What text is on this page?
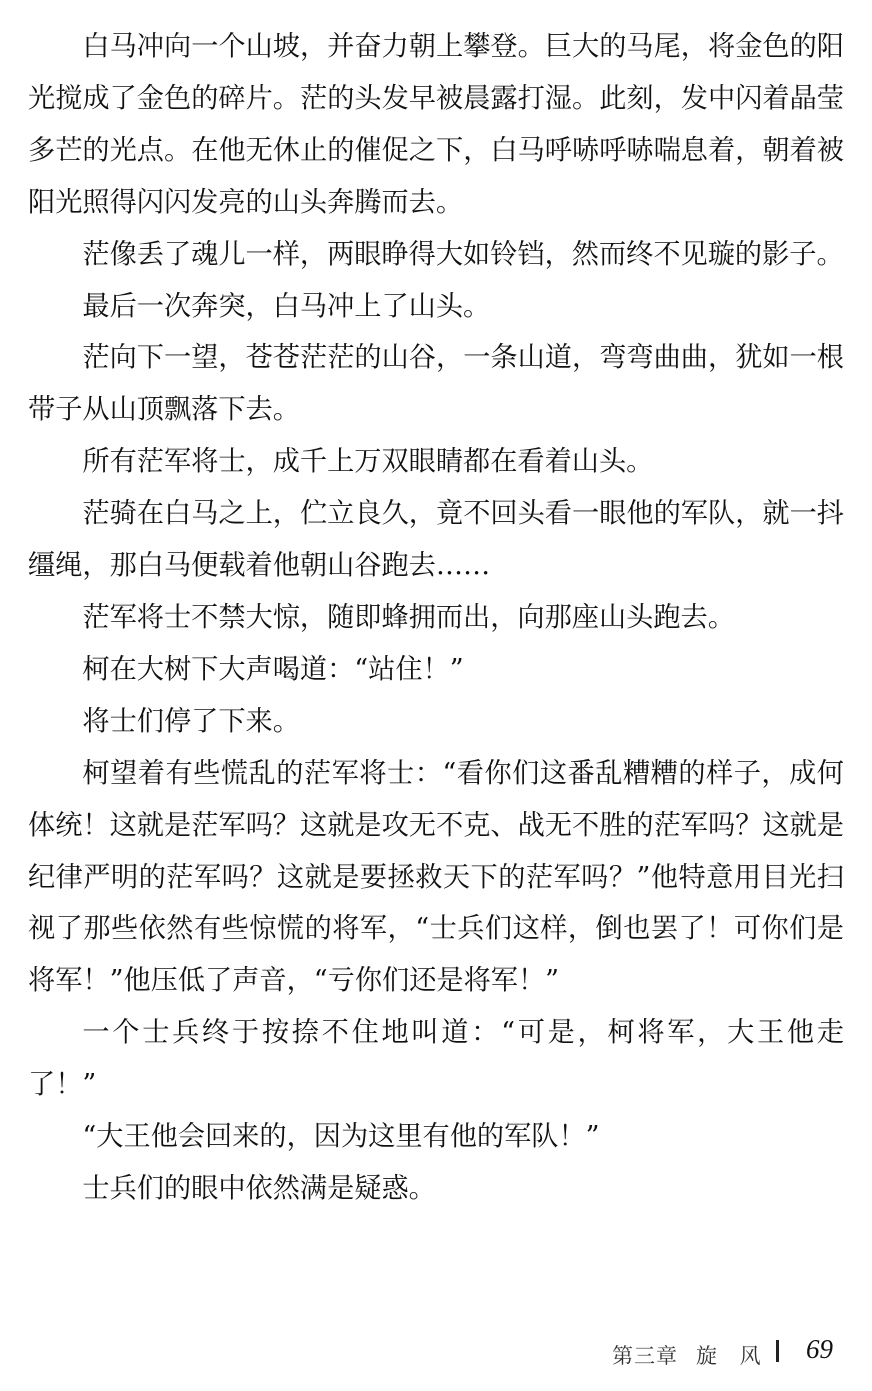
白马冲向一个山坡，并奋力朝上攀登。巨大的马尾，将金色的阳光搅成了金色的碎片。茫的头发早被晨露打湿。此刻，发中闪着晶莹多芒的光点。在他无休止的催促之下，白马呼哧呼哧喘息着，朝着被阳光照得闪闪发亮的山头奔腾而去。

茫像丢了魂儿一样，两眼睁得大如铃铛，然而终不见璇的影子。

最后一次奔突，白马冲上了山头。

茫向下一望，苍苍茫茫的山谷，一条山道，弯弯曲曲，犹如一根带子从山顶飘落下去。

所有茫军将士，成千上万双眼睛都在看着山头。

茫骑在白马之上，伫立良久，竟不回头看一眼他的军队，就一抖缰绳，那白马便载着他朝山谷跑去……

茫军将士不禁大惊，随即蜂拥而出，向那座山头跑去。

柯在大树下大声喝道：“站住！”

将士们停了下来。

柯望着有些慌乱的茫军将士：“看你们这番乱糟糟的样子，成何体统！这就是茫军吗？这就是攻无不克、战无不胜的茫军吗？这就是纪律严明的茫军吗？这就是要拯救天下的茫军吗？”他特意用目光扫视了那些依然有些惊慌的将军，“士兵们这样，倒也罢了！可你们是将军！”他压低了声音，“亏你们还是将军！”

一个士兵终于按捺不住地叫道：“可是，柯将军，大王他走了！”

“大王他会回来的，因为这里有他的军队！”

士兵们的眼中依然满是疑惑。

第三章 旋 风 69
